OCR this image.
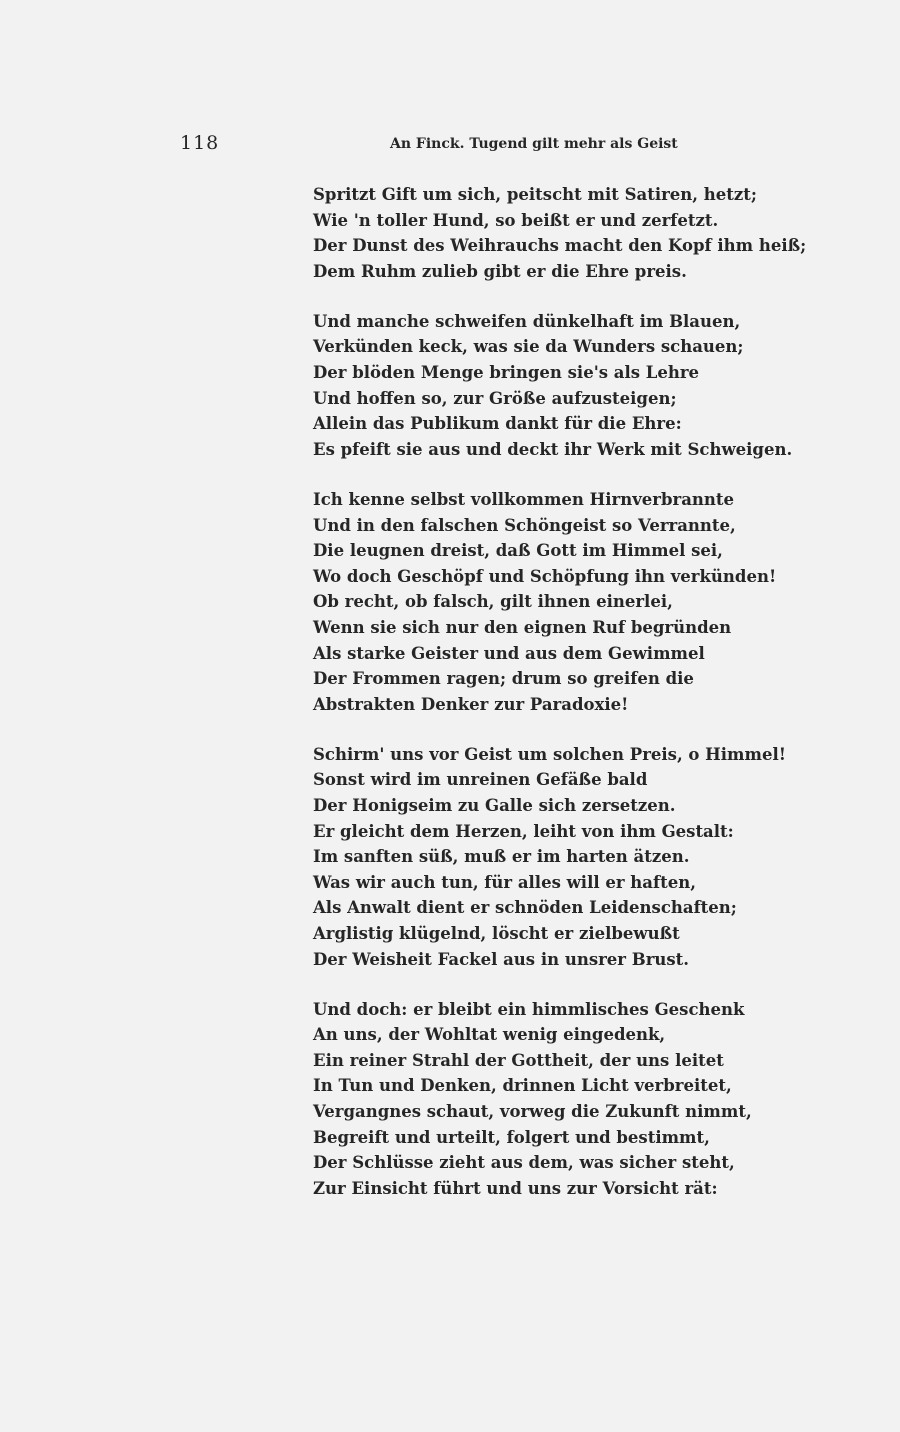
118	An Finck. Tugend gilt mehr als Geist
Spritzt Gift um sich, peitscht mit Satiren, hetzt;
Wie 'n toller Hund, so beißt er und zerfetzt.
Der Dunst des Weihrauchs macht den Kopf ihm heiß;
Dem Ruhm zulieb gibt er die Ehre preis.
Und manche schweifen dünkelhaft im Blauen,
Verkünden keck, was sie da Wunders schauen;
Der blöden Menge bringen sie's als Lehre
Und hoffen so, zur Größe aufzusteigen;
Allein das Publikum dankt für die Ehre:
Es pfeift sie aus und deckt ihr Werk mit Schweigen.
Ich kenne selbst vollkommen Hirnverbrannte
Und in den falschen Schöngeist so Verrannte,
Die leugnen dreist, daß Gott im Himmel sei,
Wo doch Geschöpf und Schöpfung ihn verkünden!
Ob recht, ob falsch, gilt ihnen einerlei,
Wenn sie sich nur den eignen Ruf begründen
Als starke Geister und aus dem Gewimmel
Der Frommen ragen; drum so greifen die
Abstrakten Denker zur Paradoxie!
Schirm' uns vor Geist um solchen Preis, o Himmel!
Sonst wird im unreinen Gefäße bald
Der Honigseim zu Galle sich zersetzen.
Er gleicht dem Herzen, leiht von ihm Gestalt:
Im sanften süß, muß er im harten ätzen.
Was wir auch tun, für alles will er haften,
Als Anwalt dient er schnöden Leidenschaften;
Arglistig klügelnd, löscht er zielbewußt
Der Weisheit Fackel aus in unsrer Brust.
Und doch: er bleibt ein himmlisches Geschenk
An uns, der Wohltat wenig eingedenk,
Ein reiner Strahl der Gottheit, der uns leitet
In Tun und Denken, drinnen Licht verbreitet,
Vergangnes schaut, vorweg die Zukunft nimmt,
Begreift und urteilt, folgert und bestimmt,
Der Schlüsse zieht aus dem, was sicher steht,
Zur Einsicht führt und uns zur Vorsicht rät:
